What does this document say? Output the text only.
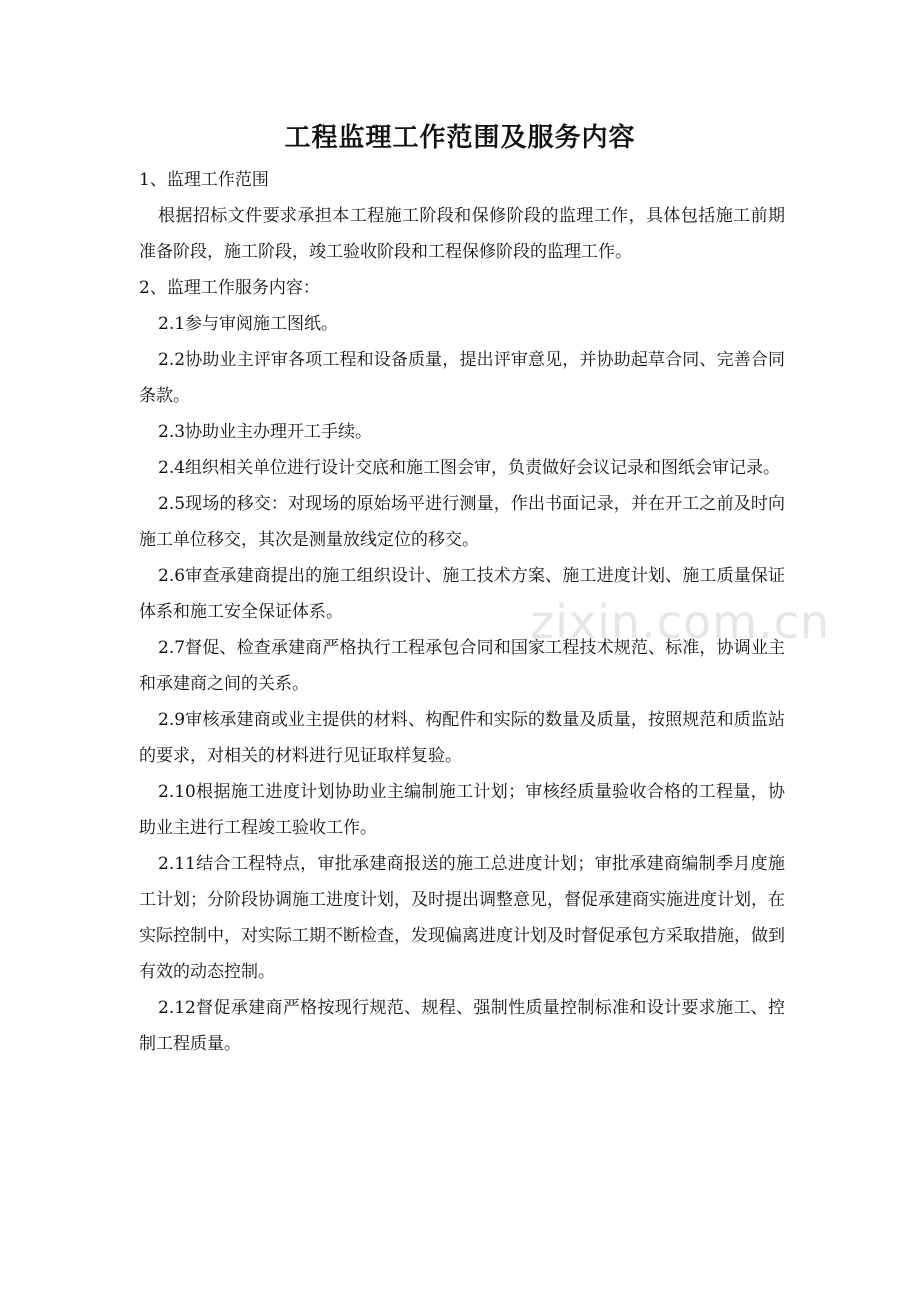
zixin.com.cn
工程监理工作范围及服务内容

1、监理工作范围

根据招标文件要求承担本工程施工阶段和保修阶段的监理工作，具体包括施工前期准备阶段，施工阶段，竣工验收阶段和工程保修阶段的监理工作。

2、监理工作服务内容：

2.1参与审阅施工图纸。

2.2协助业主评审各项工程和设备质量，提出评审意见，并协助起草合同、完善合同条款。

2.3协助业主办理开工手续。

2.4组织相关单位进行设计交底和施工图会审，负责做好会议记录和图纸会审记录。

2.5现场的移交：对现场的原始场平进行测量，作出书面记录，并在开工之前及时向施工单位移交，其次是测量放线定位的移交。

2.6审查承建商提出的施工组织设计、施工技术方案、施工进度计划、施工质量保证体系和施工安全保证体系。

2.7督促、检查承建商严格执行工程承包合同和国家工程技术规范、标准，协调业主和承建商之间的关系。

2.9审核承建商或业主提供的材料、构配件和实际的数量及质量，按照规范和质监站的要求，对相关的材料进行见证取样复验。

2.10根据施工进度计划协助业主编制施工计划；审核经质量验收合格的工程量，协助业主进行工程竣工验收工作。

2.11结合工程特点，审批承建商报送的施工总进度计划；审批承建商编制季月度施工计划；分阶段协调施工进度计划，及时提出调整意见，督促承建商实施进度计划，在实际控制中，对实际工期不断检查，发现偏离进度计划及时督促承包方采取措施，做到有效的动态控制。

2.12督促承建商严格按现行规范、规程、强制性质量控制标准和设计要求施工、控制工程质量。
